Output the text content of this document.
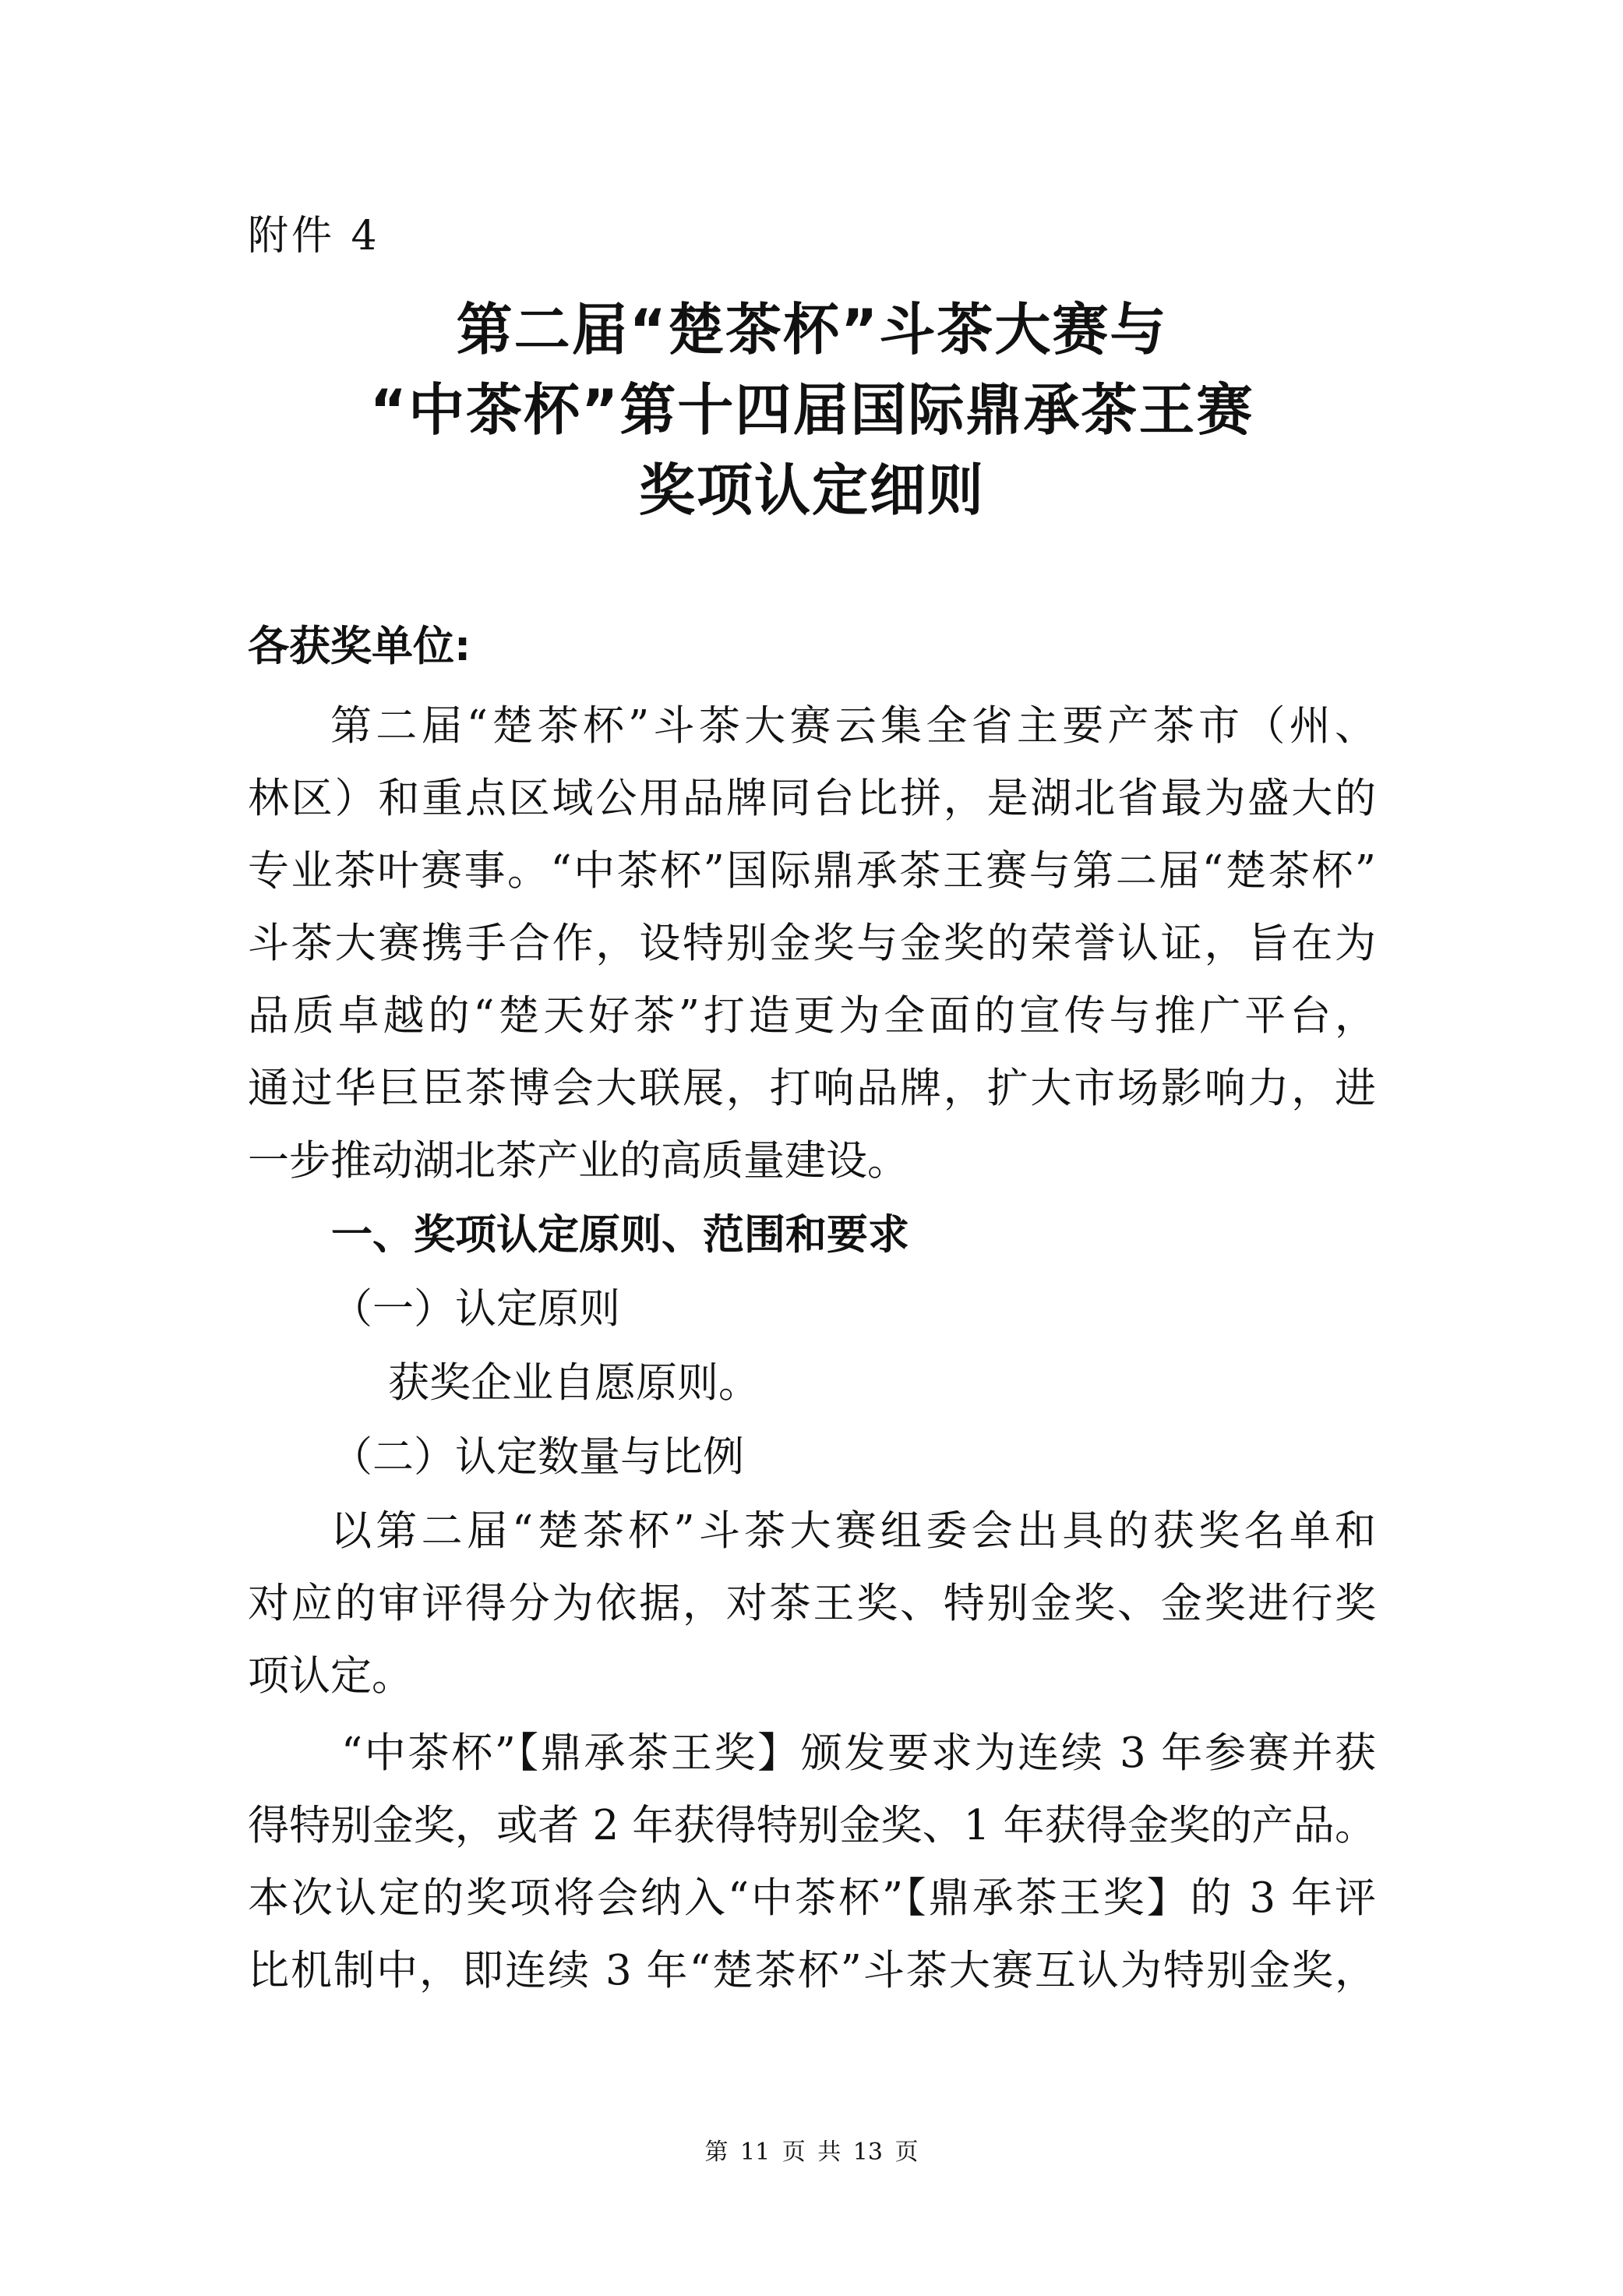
附件 4
第二届“楚茶杯”斗茶大赛与
“中茶杯”第十四届国际鼎承茶王赛
奖项认定细则
各获奖单位:
第二届“楚茶杯”斗茶大赛云集全省主要产茶市（州、
林区）和重点区域公用品牌同台比拼，是湖北省最为盛大的
专业茶叶赛事。“中茶杯”国际鼎承茶王赛与第二届“楚茶杯”
斗茶大赛携手合作，设特别金奖与金奖的荣誉认证，旨在为
品质卓越的“楚天好茶”打造更为全面的宣传与推广平台，
通过华巨臣茶博会大联展，打响品牌，扩大市场影响力，进
一步推动湖北茶产业的高质量建设。
一、奖项认定原则、范围和要求
（一）认定原则
获奖企业自愿原则。
（二）认定数量与比例
以第二届“楚茶杯”斗茶大赛组委会出具的获奖名单和
对应的审评得分为依据，对茶王奖、特别金奖、金奖进行奖
项认定。
“中茶杯”【鼎承茶王奖】颁发要求为连续 3 年参赛并获
得特别金奖，或者 2 年获得特别金奖、1 年获得金奖的产品。
本次认定的奖项将会纳入“中茶杯”【鼎承茶王奖】的 3 年评
比机制中，即连续 3 年“楚茶杯”斗茶大赛互认为特别金奖，
第 11 页 共 13 页
